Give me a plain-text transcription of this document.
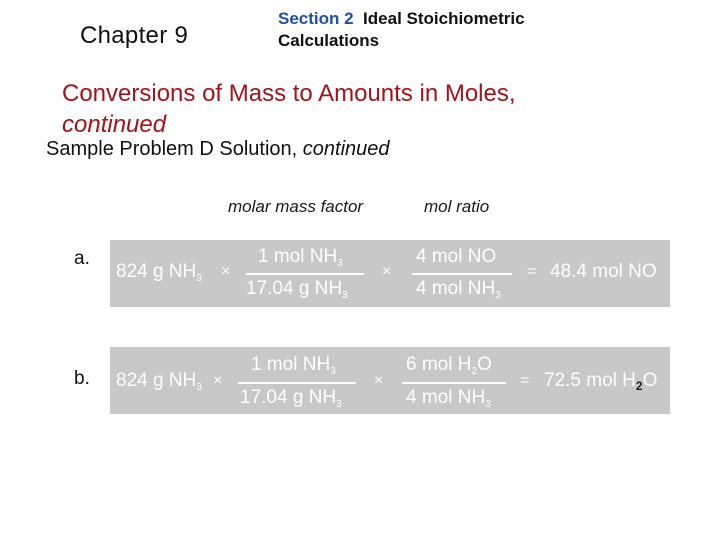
Chapter 9
Section 2 Ideal Stoichiometric Calculations
Conversions of Mass to Amounts in Moles,
continued
Sample Problem D Solution, continued
molar mass factor	mol ratio
a.
824 g $NH_3$ ×
1 mol $NH_3$
17.04 g $NH_3$
×
4 mol NO
4 mol $NH_3$
= 48.4 mol NO
b. 824 g $NH_3$ ×
1 mol $NH_3$
17.04 g $NH_3$
×
6 mol $H_2O$
4 mol $NH_3$
= 72.5 mol $H_2O$
